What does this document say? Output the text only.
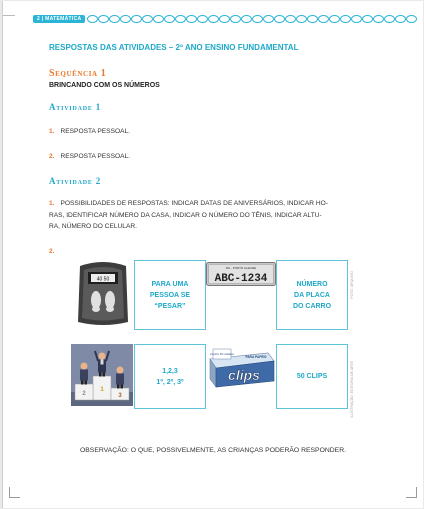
2 | MATEMÁTICA
RESPOSTAS DAS ATIVIDADES – 2º ANO ENSINO FUNDAMENTAL
Sequência 1
BRINCANDO COM OS NÚMEROS
Atividade 1
1. RESPOSTA PESSOAL.
2. RESPOSTA PESSOAL.
Atividade 2
1. POSSIBILIDADES DE RESPOSTAS: INDICAR DATAS DE ANIVERSÁRIOS, INDICAR HO-
RAS, IDENTIFICAR NÚMERO DA CASA, INDICAR O NÚMERO DO TÊNIS, INDICAR ALTU-
RA, NÚMERO DO CELULAR.
2.
40 50
PARA UMA
PESSOA SE
“PESAR”
RS - PORTO ALEGRE
ABC-1234	NÚMERO
DA PLACA
DO CARRO
FOTO: ARQUIVO
1
2	3
1,2,3
1º, 2º, 3º
Contém 50 unidades
PARA PAPÉIS
clips	50 CLIPS	ILUSTRAÇÃO: EDITORIA DE ARTE
OBSERVAÇÃO: O QUE, POSSIVELMENTE, AS CRIANÇAS PODERÃO RESPONDER.
